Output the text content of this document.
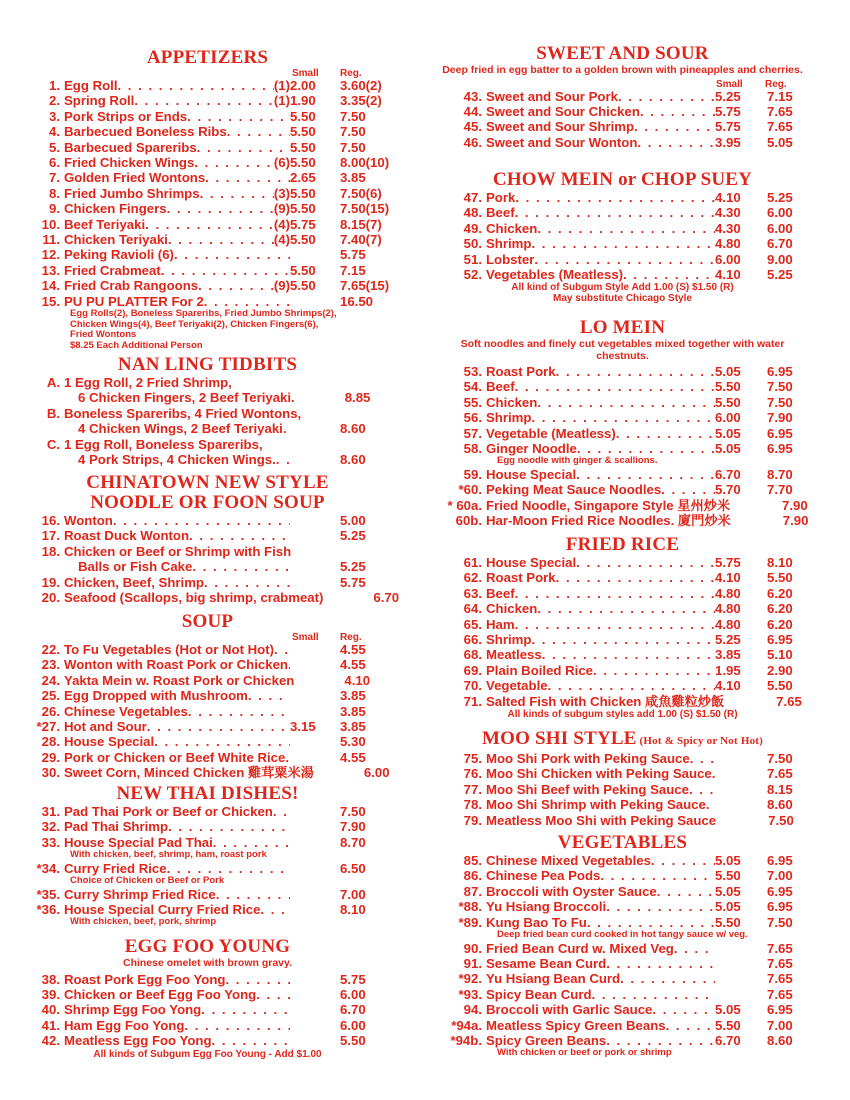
APPETIZERS
Small Reg.
1. Egg Roll . . .	(1) 2.00	3.60(2)
2. Spring Roll . . .	(1) 1.90	3.35(2)
3. Pork Strips or Ends . . .	5.50	7.50
4. Barbecued Boneless Ribs . . .	5.50	7.50
5. Barbecued Spareribs . . .	5.50	7.50
6. Fried Chicken Wings . . .	(6) 5.50	8.00(10)
7. Golden Fried Wontons . . .	2.65	3.85
8. Fried Jumbo Shrimps . . .	(3) 5.50	7.50(6)
9. Chicken Fingers . . .	(9) 5.50	7.50(15)
10. Beef Teriyaki . . .	(4) 5.75	8.15(7)
11. Chicken Teriyaki . . .	(4) 5.50	7.40(7)
12. Peking Ravioli (6) . . .	5.75
13. Fried Crabmeat . . .	5.50	7.15
14. Fried Crab Rangoons . . .	(9) 5.50	7.65(15)
15. PU PU PLATTER For 2 . . .	16.50
Egg Rolls(2), Boneless Spareribs, Fried Jumbo Shrimps(2),
Chicken Wings(4), Beef Teriyaki(2), Chicken Fingers(6),
Fried Wontons
$8.25 Each Additional Person
NAN LING TIDBITS
A. 1 Egg Roll, 2 Fried Shrimp,
6 Chicken Fingers, 2 Beef Teriyaki.	8.85
B. Boneless Spareribs, 4 Fried Wontons,
4 Chicken Wings, 2 Beef Teriyaki . . .	8.60
C. 1 Egg Roll, Boneless Spareribs,
4 Pork Strips, 4 Chicken Wings. . . .	8.60
CHINATOWN NEW STYLE
NOODLE OR FOON SOUP
16. Wonton . . .	5.00
17. Roast Duck Wonton . . .	5.25
18. Chicken or Beef or Shrimp with Fish
Balls or Fish Cake . . .	5.25
19. Chicken, Beef, Shrimp . . .	5.75
20. Seafood (Scallops, big shrimp, crabmeat)	6.70
SOUP
Small Reg.
22. To Fu Vegetables (Hot or Not Hot) . . .	4.55
23. Wonton with Roast Pork or Chicken . . .	4.55
24. Yakta Mein w. Roast Pork or Chicken	4.10
25. Egg Dropped with Mushroom . . .	3.85
26. Chinese Vegetables . . .	3.85
*27. Hot and Sour . . .	3.15	3.85
28. House Special . . .	5.30
29. Pork or Chicken or Beef White Rice . . .	4.55
30. Sweet Corn, Minced Chicken 雞茸粟米湯	6.00
NEW THAI DISHES!
31. Pad Thai Pork or Beef or Chicken . . .	7.50
32. Pad Thai Shrimp . . .	7.90
33. House Special Pad Thai . . .	8.70
With chicken, beef, shrimp, ham, roast pork
*34. Curry Fried Rice . . .	6.50
Choice of Chicken or Beef or Pork
*35. Curry Shrimp Fried Rice . . .	7.00
*36. House Special Curry Fried Rice . . .	8.10
With chicken, beef, pork, shrimp
EGG FOO YOUNG
Chinese omelet with brown gravy.
38. Roast Pork Egg Foo Yong . . .	5.75
39. Chicken or Beef Egg Foo Yong . . .	6.00
40. Shrimp Egg Foo Yong . . .	6.70
41. Ham Egg Foo Yong . . .	6.00
42. Meatless Egg Foo Yong . . .	5.50
All kinds of Subgum Egg Foo Young - Add $1.00
SWEET AND SOUR
Deep fried in egg batter to a golden brown with pineapples and cherries.
Small Reg.
43. Sweet and Sour Pork . . .	5.25	7.15
44. Sweet and Sour Chicken . . .	5.75	7.65
45. Sweet and Sour Shrimp . . .	5.75	7.65
46. Sweet and Sour Wonton . . .	3.95	5.05
CHOW MEIN or CHOP SUEY
47. Pork . . .	4.10	5.25
48. Beef . . .	4.30	6.00
49. Chicken . . .	4.30	6.00
50. Shrimp . . .	4.80	6.70
51. Lobster . . .	6.00	9.00
52. Vegetables (Meatless) . . .	4.10	5.25
All kind of Subgum Style Add 1.00 (S) $1.50 (R)
May substitute Chicago Style
LO MEIN
Soft noodles and finely cut vegetables mixed together with water chestnuts.
53. Roast Pork . . .	5.05	6.95
54. Beef . . .	5.50	7.50
55. Chicken . . .	5.50	7.50
56. Shrimp . . .	6.00	7.90
57. Vegetable (Meatless) . . .	5.05	6.95
58. Ginger Noodle . . .	5.05	6.95
Egg noodle with ginger & scallions.
59. House Special . . .	6.70	8.70
*60. Peking Meat Sauce Noodles . . .	5.70	7.70
* 60a. Fried Noodle, Singapore Style 星州炒米	7.90
60b. Har-Moon Fried Rice Noodles. 廈門炒米	7.90
FRIED RICE
61. House Special . . .	5.75	8.10
62. Roast Pork . . .	4.10	5.50
63. Beef . . .	4.80	6.20
64. Chicken . . .	4.80	6.20
65. Ham . . .	4.80	6.20
66. Shrimp . . .	5.25	6.95
68. Meatless . . .	3.85	5.10
69. Plain Boiled Rice . . .	1.95	2.90
70. Vegetable . . .	4.10	5.50
71. Salted Fish with Chicken 咸魚雞粒炒飯	7.65
All kinds of subgum styles add 1.00 (S) $1.50 (R)
MOO SHI STYLE (Hot & Spicy or Not Hot)
75. Moo Shi Pork with Peking Sauce . . .	7.50
76. Moo Shi Chicken with Peking Sauce . . .	7.65
77. Moo Shi Beef with Peking Sauce . . .	8.15
78. Moo Shi Shrimp with Peking Sauce . . .	8.60
79. Meatless Moo Shi with Peking Sauce	7.50
VEGETABLES
85. Chinese Mixed Vegetables . . .	5.05	6.95
86. Chinese Pea Pods . . .	5.50	7.00
87. Broccoli with Oyster Sauce . . .	5.05	6.95
*88. Yu Hsiang Broccoli . . .	5.05	6.95
*89. Kung Bao To Fu . . .	5.50	7.50
Deep fried bean curd cooked in hot tangy sauce w/ veg.
90. Fried Bean Curd w. Mixed Veg . . .	7.65
91. Sesame Bean Curd . . .	7.65
*92. Yu Hsiang Bean Curd . . .	7.65
*93. Spicy Bean Curd . . .	7.65
94. Broccoli with Garlic Sauce . . .	5.05	6.95
*94a. Meatless Spicy Green Beans . . .	5.50	7.00
*94b. Spicy Green Beans . . .	6.70	8.60
With chicken or beef or pork or shrimp
